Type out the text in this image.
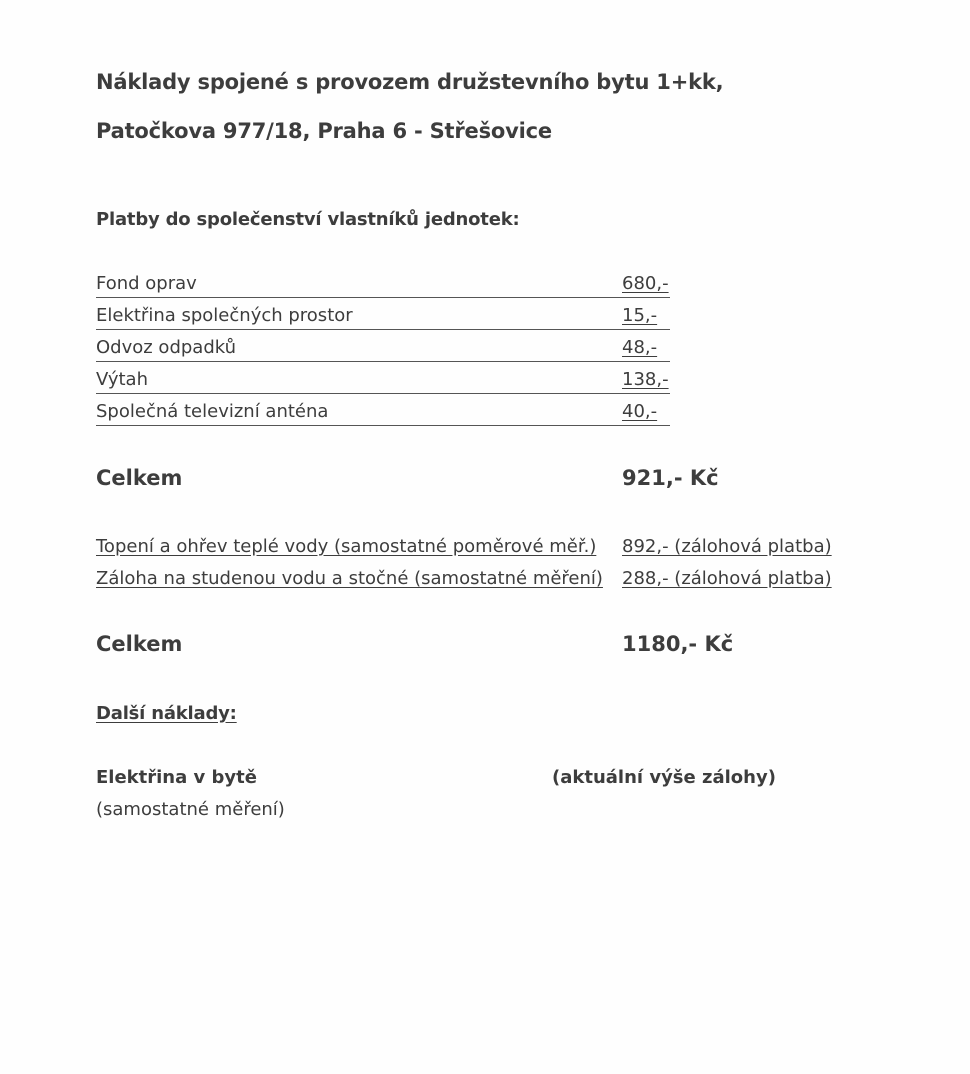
Náklady spojené s provozem družstevního bytu 1+kk,
Patočkova 977/18, Praha 6 - Střešovice
Platby do společenství vlastníků jednotek:
Fond oprav	680,-
Elektřina společných prostor	15,-
Odvoz odpadků	48,-
Výtah	138,-
Společná televizní anténa	40,-
Celkem	921,- Kč
Topení a ohřev teplé vody (samostatné poměrové měř.) 892,- (zálohová platba)
Záloha na studenou vodu a stočné (samostatné měření) 288,- (zálohová platba)
Celkem	1180,- Kč
Další náklady:
Elektřina v bytě	(aktuální výše zálohy)
(samostatné měření)
